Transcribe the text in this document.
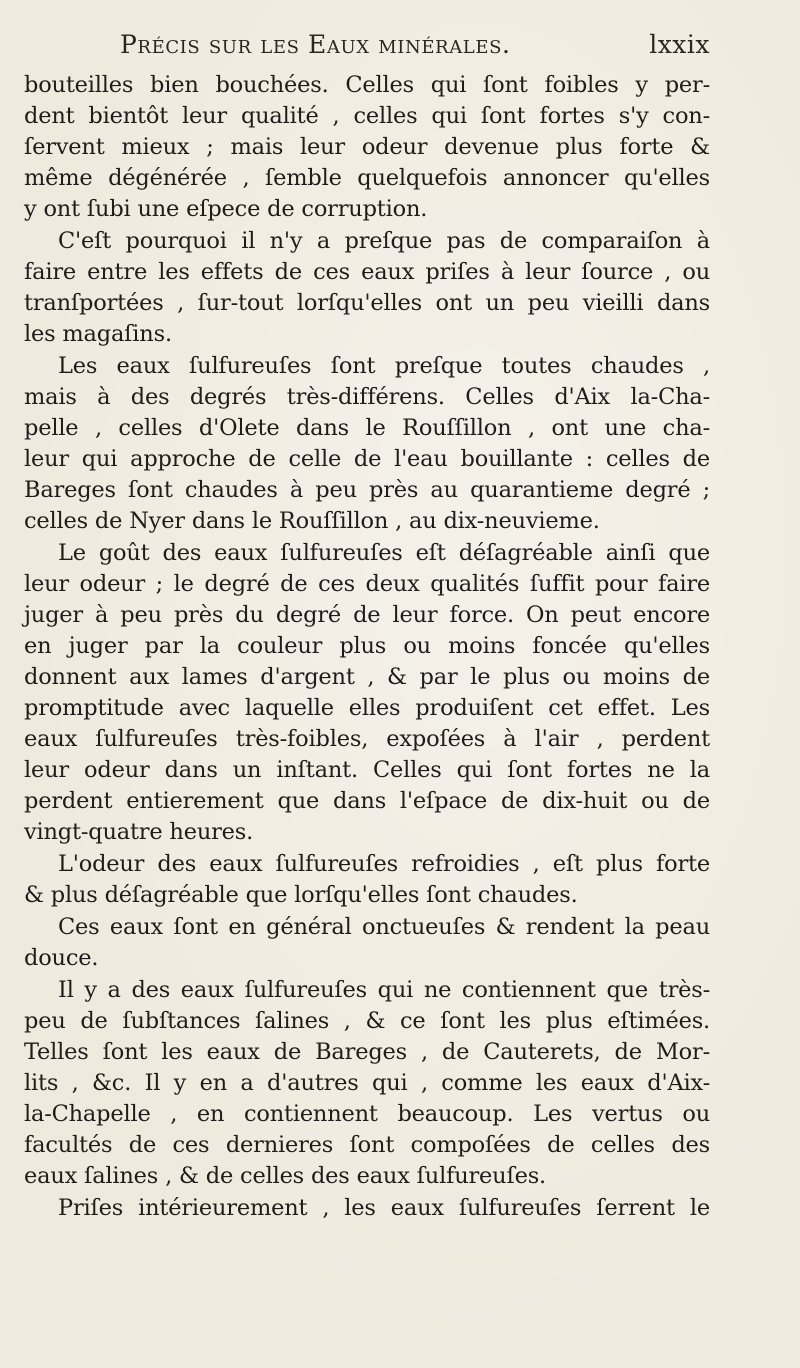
Précis sur les Eaux minérales.	lxxix
bouteilles bien bouchées. Celles qui ſont foibles y per-
dent bientôt leur qualité , celles qui ſont fortes s'y con-
ſervent mieux ; mais leur odeur devenue plus forte &
même dégénérée , ſemble quelquefois annoncer qu'elles
y ont ſubi une eſpece de corruption.
C'eſt pourquoi il n'y a preſque pas de comparaiſon à
faire entre les effets de ces eaux priſes à leur ſource , ou
tranſportées , ſur-tout lorſqu'elles ont un peu vieilli dans
les magaſins.
Les eaux ſulfureuſes ſont preſque toutes chaudes ,
mais à des degrés très-différens. Celles d'Aix la-Cha-
pelle , celles d'Olete dans le Rouſſillon , ont une cha-
leur qui approche de celle de l'eau bouillante : celles de
Bareges ſont chaudes à peu près au quarantieme degré ;
celles de Nyer dans le Rouſſillon , au dix-neuvieme.
Le goût des eaux ſulfureuſes eſt déſagréable ainſi que
leur odeur ; le degré de ces deux qualités ſuffit pour faire
juger à peu près du degré de leur force. On peut encore
en juger par la couleur plus ou moins foncée qu'elles
donnent aux lames d'argent , & par le plus ou moins de
promptitude avec laquelle elles produiſent cet effet. Les
eaux ſulfureuſes très-foibles, expoſées à l'air , perdent
leur odeur dans un inſtant. Celles qui ſont fortes ne la
perdent entierement que dans l'eſpace de dix-huit ou de
vingt-quatre heures.
L'odeur des eaux ſulfureuſes refroidies , eſt plus forte
& plus déſagréable que lorſqu'elles ſont chaudes.
Ces eaux ſont en général onctueuſes & rendent la peau
douce.
Il y a des eaux ſulfureuſes qui ne contiennent que très-
peu de ſubſtances ſalines , & ce ſont les plus eſtimées.
Telles ſont les eaux de Bareges , de Cauterets, de Mor-
lits , &c. Il y en a d'autres qui , comme les eaux d'Aix-
la-Chapelle , en contiennent beaucoup. Les vertus ou
facultés de ces dernieres ſont compoſées de celles des
eaux ſalines , & de celles des eaux ſulfureuſes.
Priſes intérieurement , les eaux ſulfureuſes ſerrent le
